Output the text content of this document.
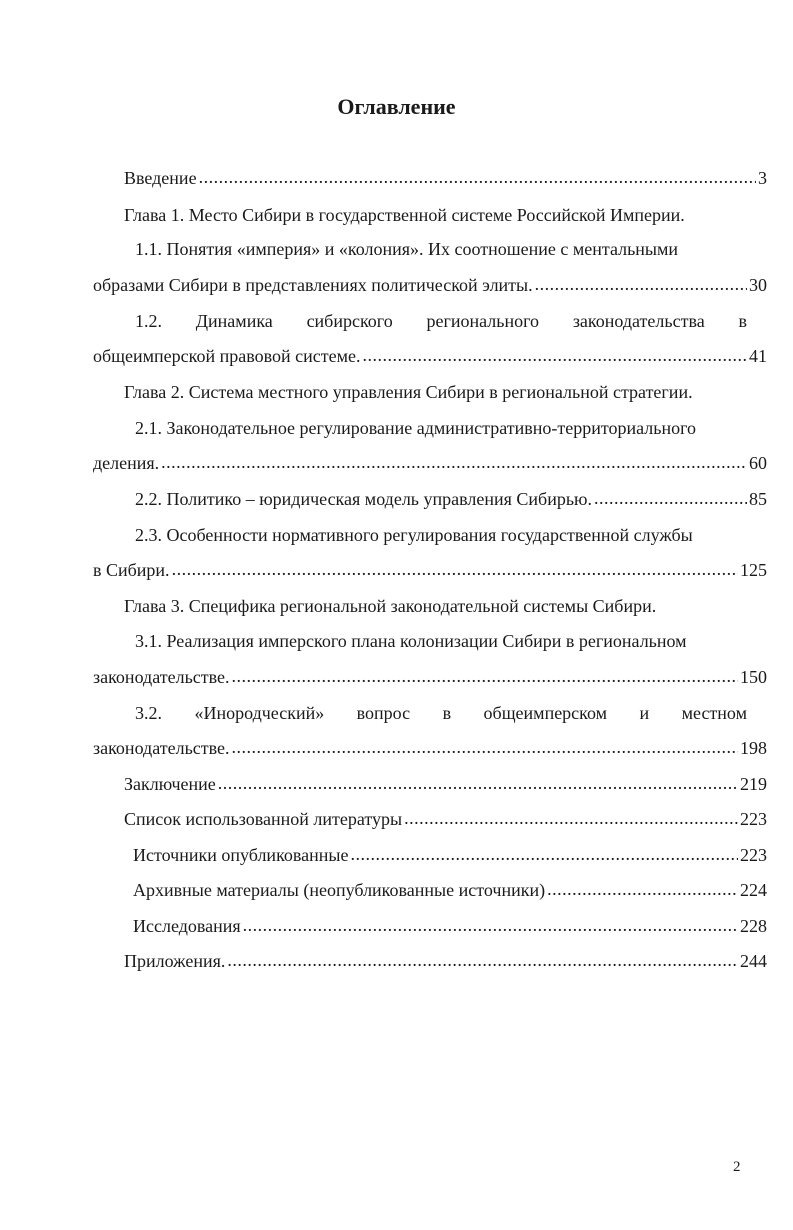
Оглавление
Введение .....	3
Глава 1. Место Сибири в государственной системе Российской Империи.
1.1. Понятия «империя» и «колония». Их соотношение с ментальными
образами Сибири в представлениях политической элиты. .....	30
1.2. Динамика сибирского регионального законодательства в
общеимперской правовой системе. .....	41
Глава 2. Система местного управления Сибири в региональной стратегии.
2.1. Законодательное регулирование административно-территориального
деления. .....	60
2.2. Политико – юридическая модель управления Сибирью. .....	85
2.3. Особенности нормативного регулирования государственной службы
в Сибири. .....	125
Глава 3. Специфика региональной законодательной системы Сибири.
3.1. Реализация имперского плана колонизации Сибири в региональном
законодательстве. .....	150
3.2. «Инородческий» вопрос в общеимперском и местном
законодательстве. .....	198
Заключение .....	219
Список использованной литературы .....	223
Источники опубликованные .....	223
Архивные материалы (неопубликованные источники) .....	224
Исследования .....	228
Приложения. .....	244
2
